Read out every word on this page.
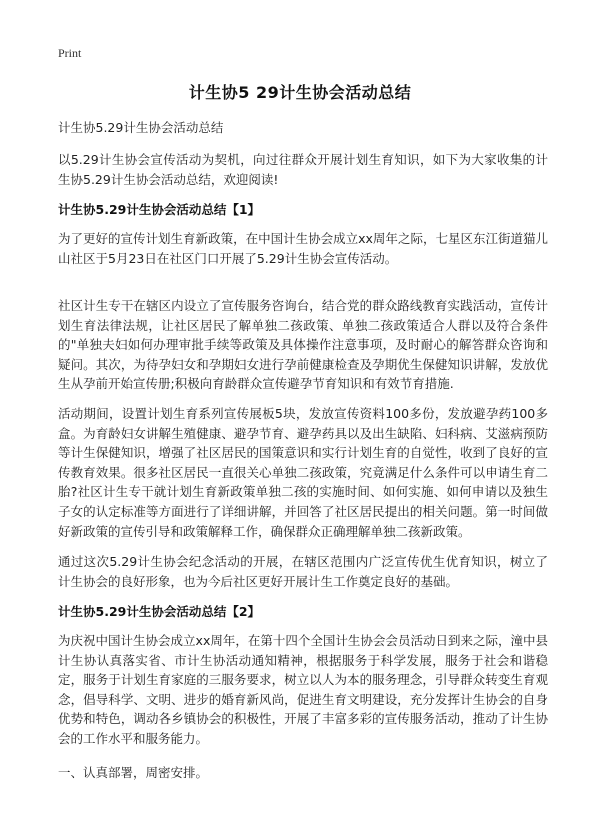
Print
计生协5 29计生协会活动总结
计生协5.29计生协会活动总结

以5.29计生协会宣传活动为契机，向过往群众开展计划生育知识，如下为大家收集的计生协5.29计生协会活动总结，欢迎阅读!

计生协5.29计生协会活动总结【1】

为了更好的宣传计划生育新政策，在中国计生协会成立xx周年之际，七星区东江街道猫儿山社区于5月23日在社区门口开展了5.29计生协会宣传活动。

社区计生专干在辖区内设立了宣传服务咨询台，结合党的群众路线教育实践活动，宣传计划生育法律法规，让社区居民了解单独二孩政策、单独二孩政策适合人群以及符合条件的"单独夫妇如何办理审批手续等政策及具体操作注意事项，及时耐心的解答群众咨询和疑问。其次，为待孕妇女和孕期妇女进行孕前健康检查及孕期优生保健知识讲解，发放优生从孕前开始宣传册;积极向育龄群众宣传避孕节育知识和有效节育措施.

活动期间，设置计划生育系列宣传展板5块，发放宣传资料100多份，发放避孕药100多盒。为育龄妇女讲解生殖健康、避孕节育、避孕药具以及出生缺陷、妇科病、艾滋病预防等计生保健知识，增强了社区居民的国策意识和实行计划生育的自觉性，收到了良好的宣传教育效果。很多社区居民一直很关心单独二孩政策，究竟满足什么条件可以申请生育二胎?社区计生专干就计划生育新政策单独二孩的实施时间、如何实施、如何申请以及独生子女的认定标准等方面进行了详细讲解，并回答了社区居民提出的相关问题。第一时间做好新政策的宣传引导和政策解释工作，确保群众正确理解单独二孩新政策。

通过这次5.29计生协会纪念活动的开展，在辖区范围内广泛宣传优生优育知识，树立了计生协会的良好形象，也为今后社区更好开展计生工作奠定良好的基础。

计生协5.29计生协会活动总结【2】

为庆祝中国计生协会成立xx周年，在第十四个全国计生协会会员活动日到来之际，潼中县计生协认真落实省、市计生协活动通知精神，根据服务于科学发展，服务于社会和谐稳定，服务于计划生育家庭的三服务要求，树立以人为本的服务理念，引导群众转变生育观念，倡导科学、文明、进步的婚育新风尚，促进生育文明建设，充分发挥计生协会的自身优势和特色，调动各乡镇协会的积极性，开展了丰富多彩的宣传服务活动，推动了计生协会的工作水平和服务能力。

一、认真部署，周密安排。
